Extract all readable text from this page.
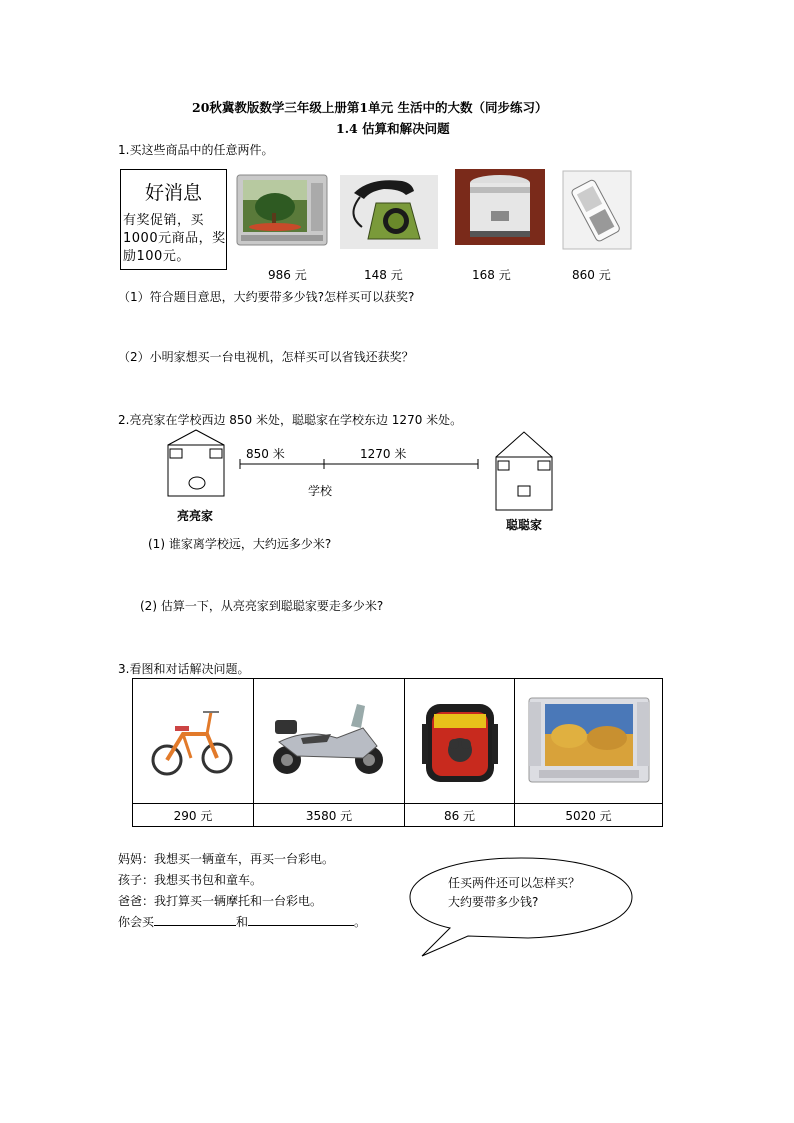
20秋冀教版数学三年级上册第1单元 生活中的大数（同步练习）
1.4 估算和解决问题
1.买这些商品中的任意两件。
好消息
有奖促销，买1000元商品，奖励100元。
986 元	148 元	168 元	860 元
（1）符合题目意思，大约要带多少钱?怎样买可以获奖?
（2）小明家想买一台电视机，怎样买可以省钱还获奖？
2.亮亮家在学校西边 850 米处，聪聪家在学校东边 1270 米处。
850 米	1270 米
学校
亮亮家
聪聪家
(1) 谁家离学校远，大约远多少米?
(2) 估算一下，从亮亮家到聪聪家要走多少米?
3.看图和对话解决问题。

290 元	3580 元	86 元	5020 元
妈妈：我想买一辆童车，再买一台彩电。
孩子：我想买书包和童车。
爸爸：我打算买一辆摩托和一台彩电。
你会买	和	。
任买两件还可以怎样买？
大约要带多少钱?
